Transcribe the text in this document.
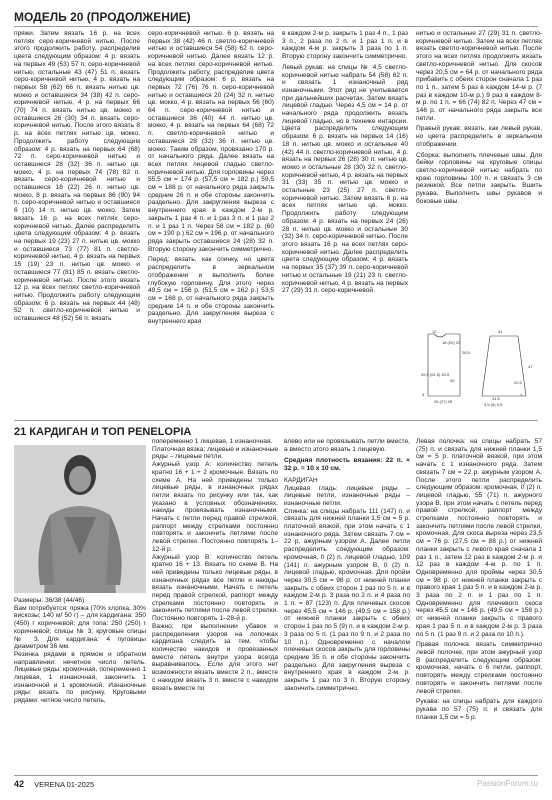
МОДЕЛЬ 20 (ПРОДОЛЖЕНИЕ)

пряжи. Затем вязать 16 р. на всех петлях серо-коричневой нитью. После этого продолжить работу, распределив цвета следующим образом: 4 р. вязать на первых 49 (53) 57 п. серо-коричневой нитью, остальные 43 (47) 51 п. вязать серо-коричневой нитью, 4 р. вязать на первых 58 (62) 66 п. вязать нитью цв. мокко и оставшиеся 34 (38) 42 п. серо-коричневой нитью, 4 р. на первых 66 (70) 74 п. вязать нитью цв. мокко и оставшиеся 26 (30) 34 п. вязать серо-коричневой нитью. После этого вязать 8 р. на всех петлях нитью цв. мокко. Продолжить работу следующим образом: 4 р. вязать на первых 64 (68) 72 п. серо-коричневой нитью и оставшиеся 28 (32) 36 п. нитью цв. мокко, 4 р. на первых 74 (78) 82 п. вязать серо-коричневой нитью и оставшиеся 18 (22) 26 п. нитью цв. мокко, 8 р. вязать на первых 86 (90) 94 п. серо-коричневой нитью и оставшиеся 6 (10) 14 п. нитью цв. мокко. Затем вязать 16 р. на всех петлях серо-коричневой нитью. Далее распределить цвета следующим образом: 4 р. вязать на первых 19 (23) 27 п. нитью цв. мокко и оставшиеся 73 (77) 81 п. светло-коричневой нитью, 4 р. вязать на первых 15 (19) 23 п. нитью цв. мокко и оставшиеся 77 (81) 85 п. вязать светло-коричневой нитью. После этого вязать 12 р. на всех петлях светло-коричневой нитью. Продолжить работу следующим образом: 6 р. вязать на первых 44 (48) 52 п. светло-коричневой нитью и оставшиеся 48 (52) 56 п. вязать

серо-коричневой нитью. 6 р. вязать на первых 38 (42) 46 п. светло-коричневой нитью и оставшиеся 54 (58) 62 п. серо-коричневой нитью. Далее вязать 12 р. на всех петлях серо-коричневой нитью. Продолжить работу, распределив цвета следующим образом: 6 р. вязать на первых 72 (76) 76 п. серо-коричневой нитью и оставшиеся 20 (24) 32 п. нитью цв. мокко, 4 р. вязать на первых 56 (60) 64 п. серо-коричневой нитью и оставшиеся 36 (40) 44 п. нитью цв. мокко, 4 р. вязать на первых 64 (68) 72 п. светло-коричневой нитью и оставшиеся 28 (32) 36 п. нитью цв. мокко. Таким образом, провязано 170 р. от начального ряда. Далее вязать на всех петлях лицевой гладью светло-коричневой нитью. Для горловины через 55,5 см = 174 р. (57,5 см = 182 р.) 59,5 см = 188 р. от начального ряда закрыть средние 26 п. и обе стороны закончить раздельно. Для закругления выреза с внутреннего края в каждом 2-м р. закрыть 1 раз 4 п. и 1 раз 3 п. и 1 раз 2 п. и 1 раз 1 п. Через 58 см = 182 р. (60 см = 190 р.) 62 см = 196 р. от начального ряда закрыть оставшиеся 24 (28) 32 п. Вторую сторону закончить симметрично.

Перед: вязать, как спинку, но цвета распределить в зеркальном отображении и выполнить более глубокую горловину. Для этого через 49,5 см = 156 р. (51,5 см = 162 р.) 53,5 см = 168 р. от начального ряда закрыть средние 14 п. и обе стороны закончить раздельно. Для закругления выреза с внутреннего края

в каждом 2-м р. закрыть 1 раз 4 п., 1 раз 3 п., 2 раза по 2 п. и 1 раз 1 п. и в каждом 4-м р. закрыть 3 раза по 1 п. Вторую сторону закончить симметрично.

Левый рукав: на спицы № 4,5 светло-коричневой нитью набрать 54 (58) 62 п. и связать 1 изнаночный ряд изнаночными. Этот ряд не учитывается при дальнейших расчетах. Затем вязать лицевой гладью. Через 4,5 см = 14 р. от начального ряда продолжить вязать лицевой гладью, но в технике интарсии. Цвета распределить следующим образом: 6 р. вязать на первых 14 (16) 18 п. нитью цв. мокко и остальные 40 (42) 44 п. светло-коричневой нитью, 4 р. вязать на первых 26 (28) 30 п. нитью цв. мокко и остальные 28 (30) 32 п. светло-коричневой нитью, 4 р. вязать на первых 31 (33) 35 п. нитью цв. мокко и остальные 23 (25) 27 п. светло-коричневой нитью. Затем вязать 6 р. на всех петлях нитью цв. мокко. Продолжить работу следующим образом: 4 р. вязать на первых 24 (26) 28 п. нитью цв. мокко и остальные 30 (32) 34 п. серо-коричневой нитью. После этого вязать 16 р. на всех петлях серо-коричневой нитью. Далее распределить цвета следующим образом: 4 р. вязать на первых 35 (37) 39 п. серо-коричневой нитью и остальные 19 (21) 23 п. светло-коричневой нитью, 4 р. вязать на первых 27 (29) 31 п. серо-коричневой

нитью и остальные 27 (29) 31 п. светло-коричневой нитью. Затем на всех петлях вязать светло-коричневой нитью. После этого на всех петлях продолжить вязать светло-коричневой нитью. Для скосов через 20,5 см = 64 р. от начального ряда прибавить с обеих сторон сначала 1 раз по 1 п., затем 5 раз в каждом 14-м р. (7 раз в каждом 10-м р.) 9 раз в каждом 8-м р. по 1 п. = 66 (74) 82 п. Через 47 см = 146 р. от начального ряда закрыть все петли.

Правый рукав: вязать, как левый рукав, но цвета распределить в зеркальном отображении.

Сборка: выполнить плечевые швы. Для бейки горловины на круговые спицы светло-коричневой нитью набрать по краю горловины 100 п. и связать 3 см резинкой. Все петли закрыть. Вшить рукава. Выполнить швы рукавов и боковые швы.

12
18 (20) 22
26,5
47
49,5 (51,5) 53,5
40	20,5
14,5
4,5 (5) 5,5
25 (27) 29
31
3	1
21 КАРДИГАН И ТОП PENELOPIA

Размеры: 36/38 (44/46)
Вам потребуется: пряжа (70% хлопка, 30% вискозы; 140 м/ 50 г) – для кардигана: 350 (450) г коричневой; для топа: 250 (250) г коричневой; спицы № 3; круговые спицы № 3. Для кардигана: 4 пуговицы диаметром 36 мм.
Резинка рядами в прямом и обратном направлении: нечетное число петель. Лицевые ряды: кромочная, попеременно 1 лицевая, 1 изнаночная, закончить 1 изнаночной и 1 кромочной. Изнаночные ряды: вязать по рисунку. Круговыми рядами: четное число петель,

попеременно 1 лицевая, 1 изнаночная.
Платочная вязка: лицевые и изнаночные ряды – лицевые петли.
Ажурный узор А: количество петель кратно 16 + 1 + 2 кромочные. Вязать по схеме А. На ней приведены только лицевые ряды, в изнаночных рядах петли вязать по рисунку или так, как указано в условных обозначениях, накиды провязывать изнаночными. Начать с петли перед правой стрелкой, раппорт между стрелками постоянно повторять и закончить петлями после левой стрелки. Постоянно повторять 1–12-й р.
Ажурный узор В: количество петель кратно 16 + 13. Вязать по схеме В. На ней приведены только лицевые ряды, в изнаночных рядах все петли и накиды вязать изнаночными. Начать с петель перед правой стрелкой, раппорт между стрелками постоянно повторять и закончить петлями после левой стрелки. Постоянно повторять 1–28-й р.
Важно: при выполнении убавок и распределении узоров на лопочках кардигана следить за тем, чтобы количество накидов и провязанных вместе петель внутри узора всегда выравнивалось. Если для этого нет возможности вязать вместе 2 п., вместе с накидом вязать 3 п. вместе с накидом вязать вместе по

влево или не провязывать петли вместе, а вместо этого вязать 1 лицевую.

Средняя плотность вязания: 22 п. × 32 р. = 10 х 10 см.

КАРДИГАН
Лицевая гладь: лицевые ряды – лицевые петли, изнаночные ряды – изнаночные петли.
Спинка: на спицы набрать 111 (147) п. и связать для нижней планки 1,5 см = 5 р. платочной вязкой, при этом начать с 1 изнаночного ряда. Затем связать 7 см = 22 р. ажурным узором А. Далее петли распределить следующим образом: кромочная, 0 (2) п. лицевой гладью, 109 (141) п. ажурным узором В, 0 (2) п. лицевой гладью, кромочная. Для пройм через 30,5 см = 98 р. от нижней планки закрыть с обеих сторон 1 раз по 5 п. и в каждом 2-м р. 3 раза по 2 п. и 4 раза по 1 п. = 87 (123) п. Для плечевых скосов через 45,5 см = 146 р. (49,5 см = 158 р.) от нижней планки закрыть с обеих сторон 1 раз по 5 (9) п. и в каждом 2-м р. 3 раза по 5 п. (1 раз по 9 п. и 2 раза по 10 п.). Одновременно с началом плечевых скосов закрыть для горловины средние 35 п. и обе стороны закончить раздельно. Для закругления выреза с внутреннего края в каждом 2-м р. закрыть 1 раз по 3 п. Вторую сторону закончить симметрично.

Левая полочка: на спицы набрать 57 (75) п. и связать для нижней планки 1,5 см = 5 р. платочной вязкой, при этом начать с 1 изнаночного ряда. Затем связать 7 см = 22 р. ажурным узором А. После этого петли распределить следующим образом: кромочная, 0 (2) п. лицевой гладью, 55 (71) п. ажурного узора В, при этом начать с петель перед правой стрелкой, раппорт между стрелками постоянно повторять и закончить петлями после левой стрелки, кромочная. Для скоса выреза через 23,5 см = 76 р. (27,5 см = 88 р.) от нижней планки закрыть с левого края сначала 1 раз 1 п., затем 12 раз в каждом 2-м р. и 12 раз в каждом 4-м р. по 1 п. Одновременно для проймы через 30,5 см = 98 р. от нижней планки закрыть с правого края 1 раз 5 п. и в каждом 2-м р. 3 раза по 2 п. и 1 раз по 1 п. Одновременно для плечевого скоса через 45,5 см = 146 р. (49,5 см = 158 р.) от нижней планки закрыть с правого края 1 раз 5 п. и в каждом 2-м р. 3 раза по 5 п. (1 раз 9 п. и 2 раза по 10 п.).

Правая полочка: вязать симметрично левой полочке, при этом ажурный узор В распределить следующим образом: кромочная, начать с 6 петли, раппорт, повторять между стрелками постоянно повторять и закончить петлями после левой стрелки.

Рукава: на спицы набрать для каждого рукава по 57 (75) п. и связать для планки 1,5 см = 5 р.

42 VERENA 01-2025	PassionForum.ru
